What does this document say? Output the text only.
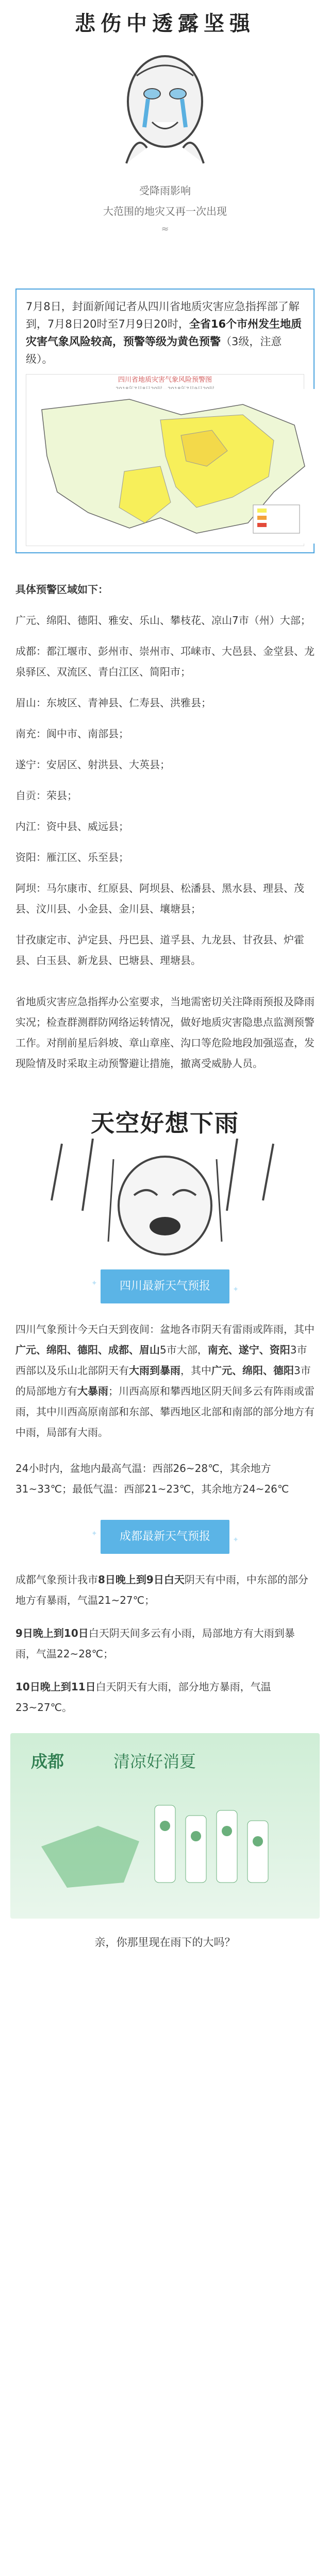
悲伤中透露坚强

受降雨影响

大范围的地灾又再一次出现

≈

7月8日，封面新闻记者从四川省地质灾害应急指挥部了解到，7月8日20时至7月9日20时，全省16个市州发生地质灾害气象风险较高，预警等级为黄色预警（3级，注意级）。

四川省地质灾害气象风险预警图

具体预警区域如下：

广元、绵阳、德阳、雅安、乐山、攀枝花、凉山7市（州）大部；

成都：都江堰市、彭州市、崇州市、邛崃市、大邑县、金堂县、龙泉驿区、双流区、青白江区、简阳市；

眉山：东坡区、青神县、仁寿县、洪雅县；

南充：阆中市、南部县；

遂宁：安居区、射洪县、大英县；

自贡：荣县；

内江：资中县、威远县；

资阳：雁江区、乐至县；

阿坝：马尔康市、红原县、阿坝县、松潘县、黑水县、理县、茂县、汶川县、小金县、金川县、壤塘县；

甘孜康定市、泸定县、丹巴县、道孚县、九龙县、甘孜县、炉霍县、白玉县、新龙县、巴塘县、理塘县。

省地质灾害应急指挥办公室要求，当地需密切关注降雨预报及降雨实况；检查群测群防网络运转情况，做好地质灾害隐患点监测预警工作。对削前星后斜坡、章山章座、沟口等危险地段加强巡查，发现险情及时采取主动预警避让措施，撤离受威胁人员。

天空好想下雨
✦ 四川最新天气预报	✦

四川气象预计今天白天到夜间：盆地各市阴天有雷雨或阵雨，其中广元、绵阳、德阳、成都、眉山5市大部，南充、遂宁、资阳3市西部以及乐山北部阴天有大雨到暴雨，其中广元、绵阳、德阳3市的局部地方有大暴雨；川西高原和攀西地区阴天间多云有阵雨或雷雨，其中川西高原南部和东部、攀西地区北部和南部的部分地方有中雨，局部有大雨。

24小时内，盆地内最高气温：西部26~28℃，其余地方31~33℃；最低气温：西部21~23℃，其余地方24~26℃

✦ 成都最新天气预报	✦

成都气象预计我市8日晚上到9日白天阴天有中雨，中东部的部分地方有暴雨，气温21~27℃；

9日晚上到10日白天阴天间多云有小雨，局部地方有大雨到暴雨，气温22~28℃；

10日晚上到11日白天阴天有大雨，部分地方暴雨，气温23~27℃。

成都	清凉好消夏
亲，你那里现在雨下的大吗？
